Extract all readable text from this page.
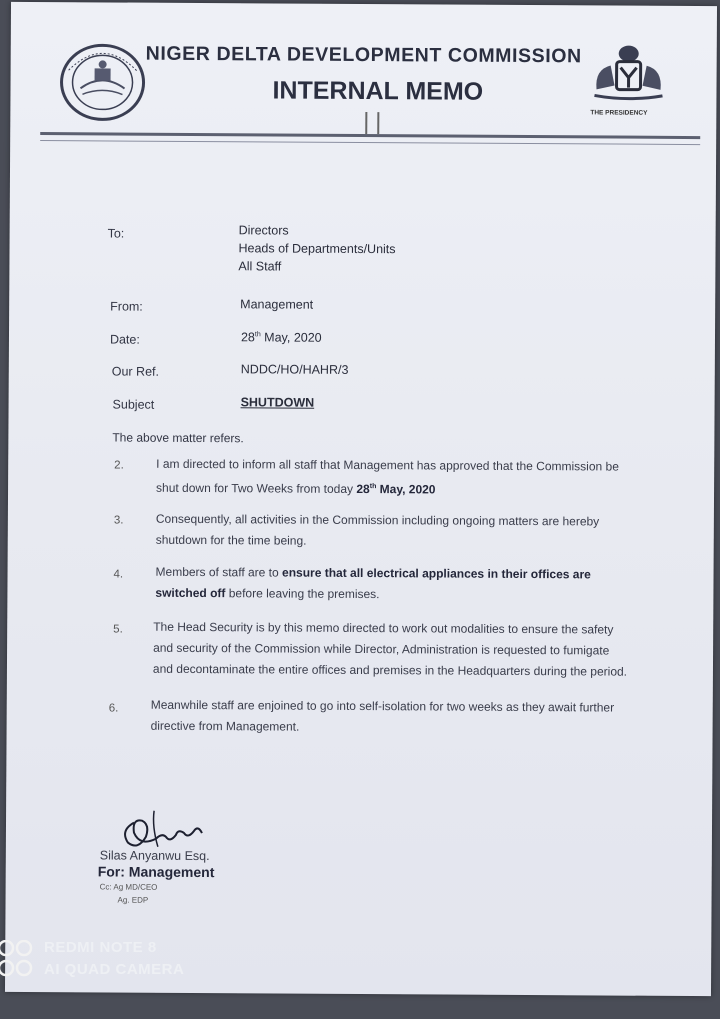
NIGER DELTA DEVELOPMENT COMMISSION
INTERNAL MEMO
THE PRESIDENCY
To:	Directors
Heads of Departments/Units
All Staff
From:	Management
Date:	28th May, 2020
Our Ref.	NDDC/HO/HAHR/3
Subject	SHUTDOWN
The above matter refers.
2.	I am directed to inform all staff that Management has approved that the Commission be
shut down for Two Weeks from today 28th May, 2020
3.	Consequently, all activities in the Commission including ongoing matters are hereby
shutdown for the time being.
4.	Members of staff are to ensure that all electrical appliances in their offices are
switched off before leaving the premises.
5.	The Head Security is by this memo directed to work out modalities to ensure the safety
and security of the Commission while Director, Administration is requested to fumigate
and decontaminate the entire offices and premises in the Headquarters during the period.
6.	Meanwhile staff are enjoined to go into self-isolation for two weeks as they await further
directive from Management.
Silas Anyanwu Esq.
For: Management
Cc: Ag MD/CEO
Ag. EDP
REDMI NOTE 8
AI QUAD CAMERA
